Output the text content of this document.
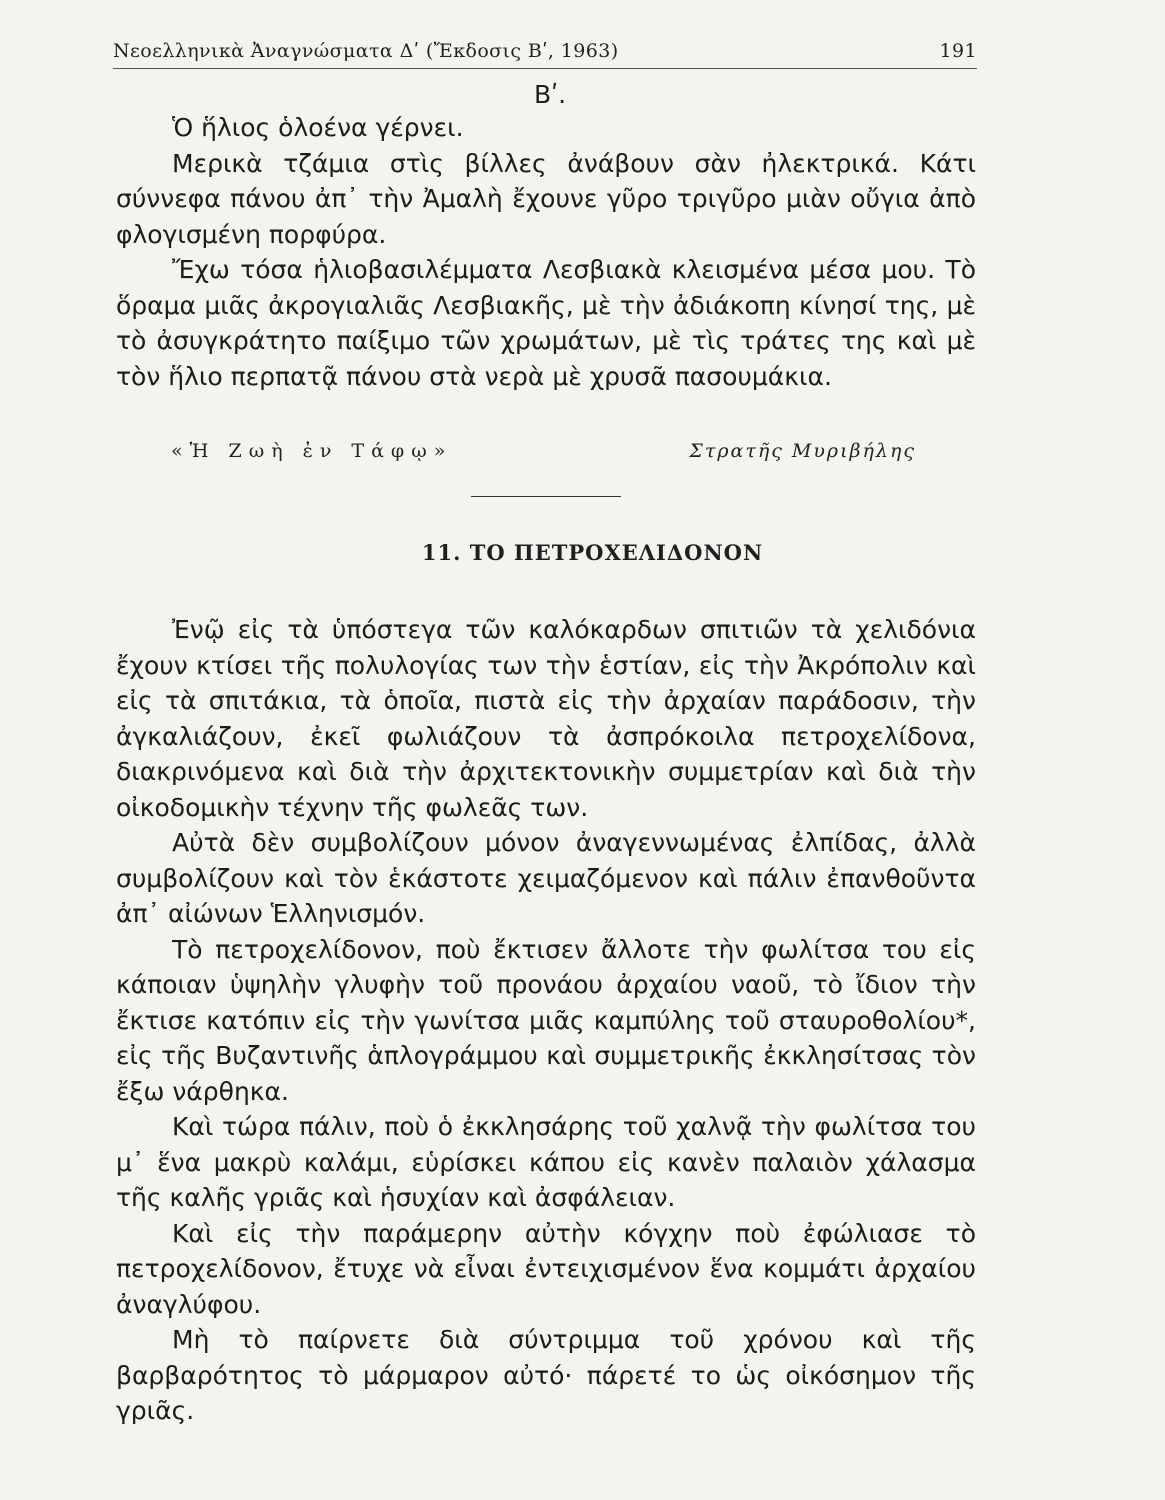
Νεοελληνικὰ Ἀναγνώσματα Δʹ (Ἔκδοσις Βʹ, 1963)	191
Βʹ.

Ὁ ἥλιος ὁλοένα γέρνει.

Μερικὰ τζάμια στὶς βίλλες ἀνάβουν σὰν ἠλεκτρικά. Κάτι σύννεφα πάνου ἀπ᾽ τὴν Ἀμαλὴ ἔχουνε γῦρο τριγῦρο μιὰν οὔγια ἀπὸ φλογισμένη πορφύρα.

Ἔχω τόσα ἡλιοβασιλέμματα Λεσβιακὰ κλεισμένα μέσα μου. Τὸ ὅραμα μιᾶς ἀκρογιαλιᾶς Λεσβιακῆς, μὲ τὴν ἀδιάκοπη κίνησί της, μὲ τὸ ἀσυγκράτητο παίξιμο τῶν χρωμάτων, μὲ τὶς τράτες της καὶ μὲ τὸν ἥλιο περπατᾷ πάνου στὰ νερὰ μὲ χρυσᾶ πασουμάκια.

«Ἡ Ζωὴ ἐν Τάφῳ»	Στρατῆς Μυριβήλης
11. ΤΟ ΠΕΤΡΟΧΕΛΙΔΟΝΟΝ

Ἐνῷ εἰς τὰ ὑπόστεγα τῶν καλόκαρδων σπιτιῶν τὰ χελιδόνια ἔχουν κτίσει τῆς πολυλογίας των τὴν ἑστίαν, εἰς τὴν Ἀκρόπολιν καὶ εἰς τὰ σπιτάκια, τὰ ὁποῖα, πιστὰ εἰς τὴν ἀρχαίαν παράδοσιν, τὴν ἀγκαλιάζουν, ἐκεῖ φωλιάζουν τὰ ἀσπρόκοιλα πετροχελίδονα, διακρινόμενα καὶ διὰ τὴν ἀρχιτεκτονικὴν συμμετρίαν καὶ διὰ τὴν οἰκοδομικὴν τέχνην τῆς φωλεᾶς των.

Αὐτὰ δὲν συμβολίζουν μόνον ἀναγεννωμένας ἐλπίδας, ἀλλὰ συμβολίζουν καὶ τὸν ἑκάστοτε χειμαζόμενον καὶ πάλιν ἐπανθοῦντα ἀπ᾽ αἰώνων Ἑλληνισμόν.

Τὸ πετροχελίδονον, ποὺ ἔκτισεν ἄλλοτε τὴν φωλίτσα του εἰς κάποιαν ὑψηλὴν γλυφὴν τοῦ προνάου ἀρχαίου ναοῦ, τὸ ἴδιον τὴν ἔκτισε κατόπιν εἰς τὴν γωνίτσα μιᾶς καμπύλης τοῦ σταυροθολίου*, εἰς τῆς Βυζαντινῆς ἁπλογράμμου καὶ συμμετρικῆς ἐκκλησίτσας τὸν ἔξω νάρθηκα.

Καὶ τώρα πάλιν, ποὺ ὁ ἐκκλησάρης τοῦ χαλνᾷ τὴν φωλίτσα του μ᾽ ἕνα μακρὺ καλάμι, εὑρίσκει κάπου εἰς κανὲν παλαιὸν χάλασμα τῆς καλῆς γριᾶς καὶ ἡσυχίαν καὶ ἀσφάλειαν.

Καὶ εἰς τὴν παράμερην αὐτὴν κόγχην ποὺ ἐφώλιασε τὸ πετροχελίδονον, ἔτυχε νὰ εἶναι ἐντειχισμένον ἕνα κομμάτι ἀρχαίου ἀναγλύφου.

Μὴ τὸ παίρνετε διὰ σύντριμμα τοῦ χρόνου καὶ τῆς βαρβαρότητος τὸ μάρμαρον αὐτό· πάρετέ το ὡς οἰκόσημον τῆς γριᾶς.
